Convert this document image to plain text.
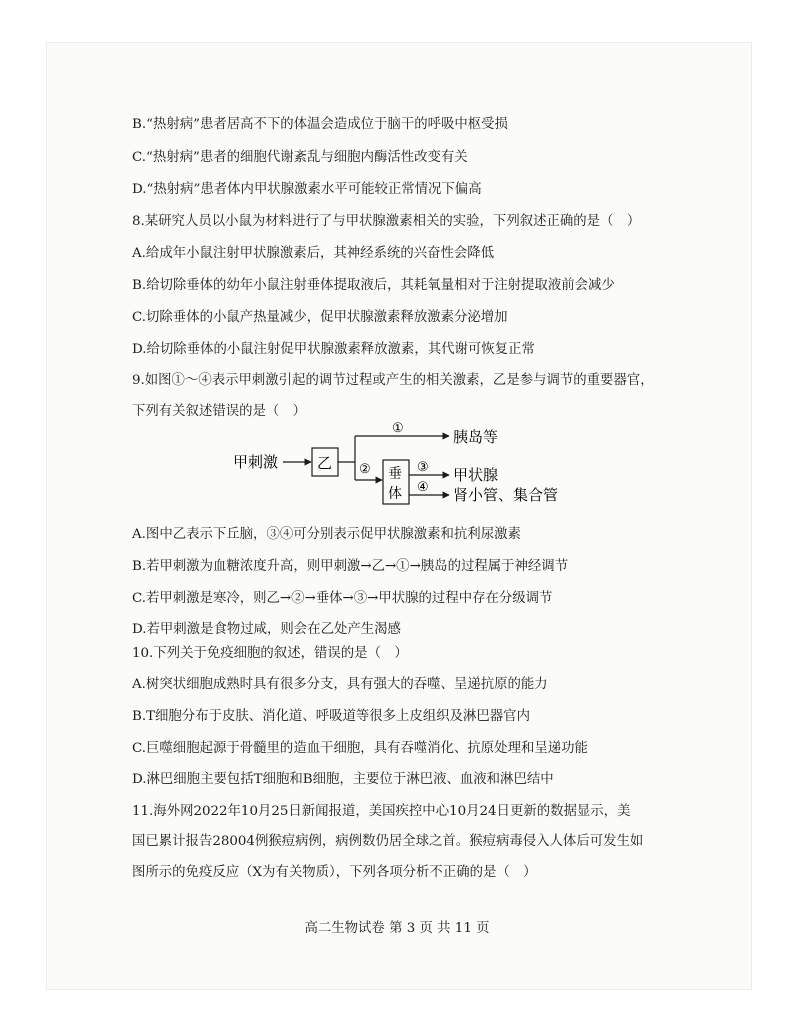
B.“热射病”患者居高不下的体温会造成位于脑干的呼吸中枢受损
C.“热射病”患者的细胞代谢紊乱与细胞内酶活性改变有关
D.“热射病”患者体内甲状腺激素水平可能较正常情况下偏高
8.某研究人员以小鼠为材料进行了与甲状腺激素相关的实验，下列叙述正确的是（　）
A.给成年小鼠注射甲状腺激素后，其神经系统的兴奋性会降低
B.给切除垂体的幼年小鼠注射垂体提取液后，其耗氧量相对于注射提取液前会减少
C.切除垂体的小鼠产热量减少，促甲状腺激素释放激素分泌增加
D.给切除垂体的小鼠注射促甲状腺激素释放激素，其代谢可恢复正常
9.如图①～④表示甲刺激引起的调节过程或产生的相关激素，乙是参与调节的重要器官，
下列有关叙述错误的是（　）
甲刺激	乙
①	胰岛等
② 垂
体
③ 甲状腺
④ 肾小管、集合管
A.图中乙表示下丘脑，③④可分别表示促甲状腺激素和抗利尿激素
B.若甲刺激为血糖浓度升高，则甲刺激→乙→①→胰岛的过程属于神经调节
C.若甲刺激是寒冷，则乙→②→垂体→③→甲状腺的过程中存在分级调节
D.若甲刺激是食物过咸，则会在乙处产生渴感
10.下列关于免疫细胞的叙述，错误的是（　）
A.树突状细胞成熟时具有很多分支，具有强大的吞噬、呈递抗原的能力
B.T细胞分布于皮肤、消化道、呼吸道等很多上皮组织及淋巴器官内
C.巨噬细胞起源于骨髓里的造血干细胞，具有吞噬消化、抗原处理和呈递功能
D.淋巴细胞主要包括T细胞和B细胞，主要位于淋巴液、血液和淋巴结中
11.海外网2022年10月25日新闻报道，美国疾控中心10月24日更新的数据显示，美
国已累计报告28004例猴痘病例，病例数仍居全球之首。猴痘病毒侵入人体后可发生如
图所示的免疫反应（X为有关物质），下列各项分析不正确的是（　）
高二生物试卷 第 3 页 共 11 页
